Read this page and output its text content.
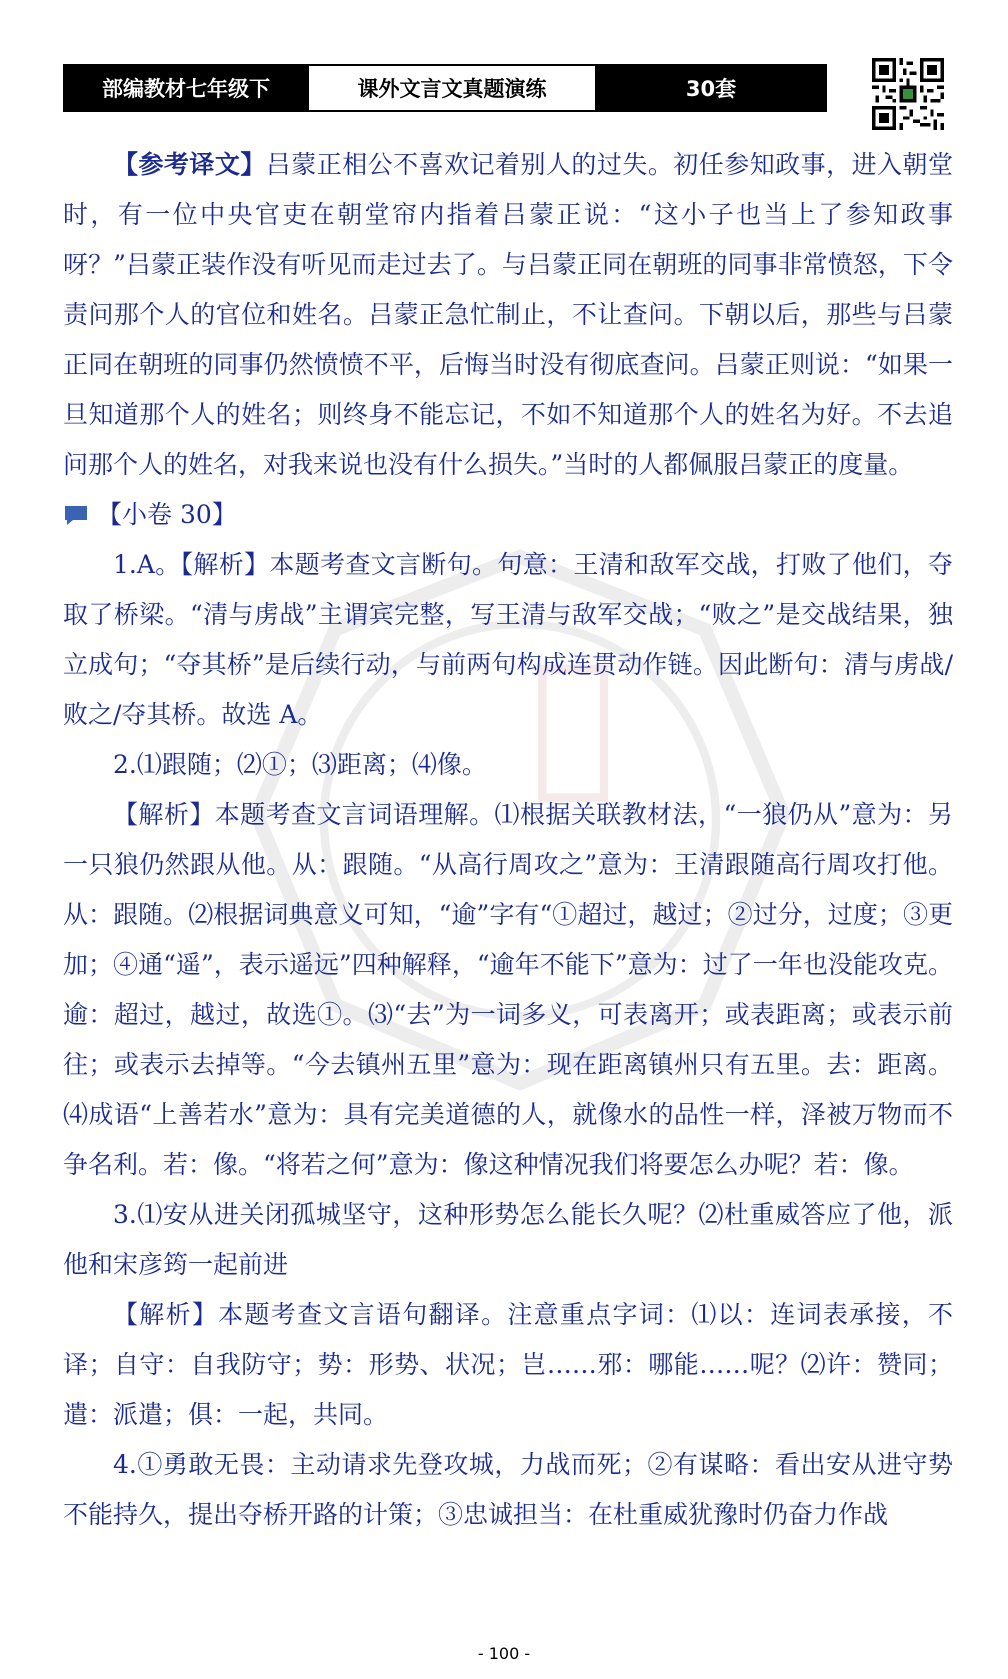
部编教材七年级下	课外文言文真题演练	30套

【参考译文】吕蒙正相公不喜欢记着别人的过失。初任参知政事，进入朝堂时，有一位中央官吏在朝堂帘内指着吕蒙正说：“这小子也当上了参知政事呀？”吕蒙正装作没有听见而走过去了。与吕蒙正同在朝班的同事非常愤怒，下令责问那个人的官位和姓名。吕蒙正急忙制止，不让查问。下朝以后，那些与吕蒙正同在朝班的同事仍然愤愤不平，后悔当时没有彻底查问。吕蒙正则说：“如果一旦知道那个人的姓名；则终身不能忘记，不如不知道那个人的姓名为好。不去追问那个人的姓名，对我来说也没有什么损失。”当时的人都佩服吕蒙正的度量。

【小卷 30】

1.A。【解析】本题考查文言断句。句意：王清和敌军交战，打败了他们，夺取了桥梁。“清与虏战”主谓宾完整，写王清与敌军交战；“败之”是交战结果，独立成句；“夺其桥”是后续行动，与前两句构成连贯动作链。因此断句：清与虏战/败之/夺其桥。故选 A。

2.⑴跟随；⑵①；⑶距离；⑷像。

【解析】本题考查文言词语理解。⑴根据关联教材法，“一狼仍从”意为：另一只狼仍然跟从他。从：跟随。“从高行周攻之”意为：王清跟随高行周攻打他。从：跟随。⑵根据词典意义可知，“逾”字有“①超过，越过；②过分，过度；③更加；④通“遥”，表示遥远”四种解释，“逾年不能下”意为：过了一年也没能攻克。逾：超过，越过，故选①。⑶“去”为一词多义，可表离开；或表距离；或表示前往；或表示去掉等。“今去镇州五里”意为：现在距离镇州只有五里。去：距离。⑷成语“上善若水”意为：具有完美道德的人，就像水的品性一样，泽被万物而不争名利。若：像。“将若之何”意为：像这种情况我们将要怎么办呢？若：像。

3.⑴安从进关闭孤城坚守，这种形势怎么能长久呢？⑵杜重威答应了他，派他和宋彦筠一起前进

【解析】本题考查文言语句翻译。注意重点字词：⑴以：连词表承接，不译；自守：自我防守；势：形势、状况；岂……邪：哪能……呢？⑵许：赞同；遣：派遣；俱：一起，共同。

4.①勇敢无畏：主动请求先登攻城，力战而死；②有谋略：看出安从进守势不能持久，提出夺桥开路的计策；③忠诚担当：在杜重威犹豫时仍奋力作战

- 100 -
